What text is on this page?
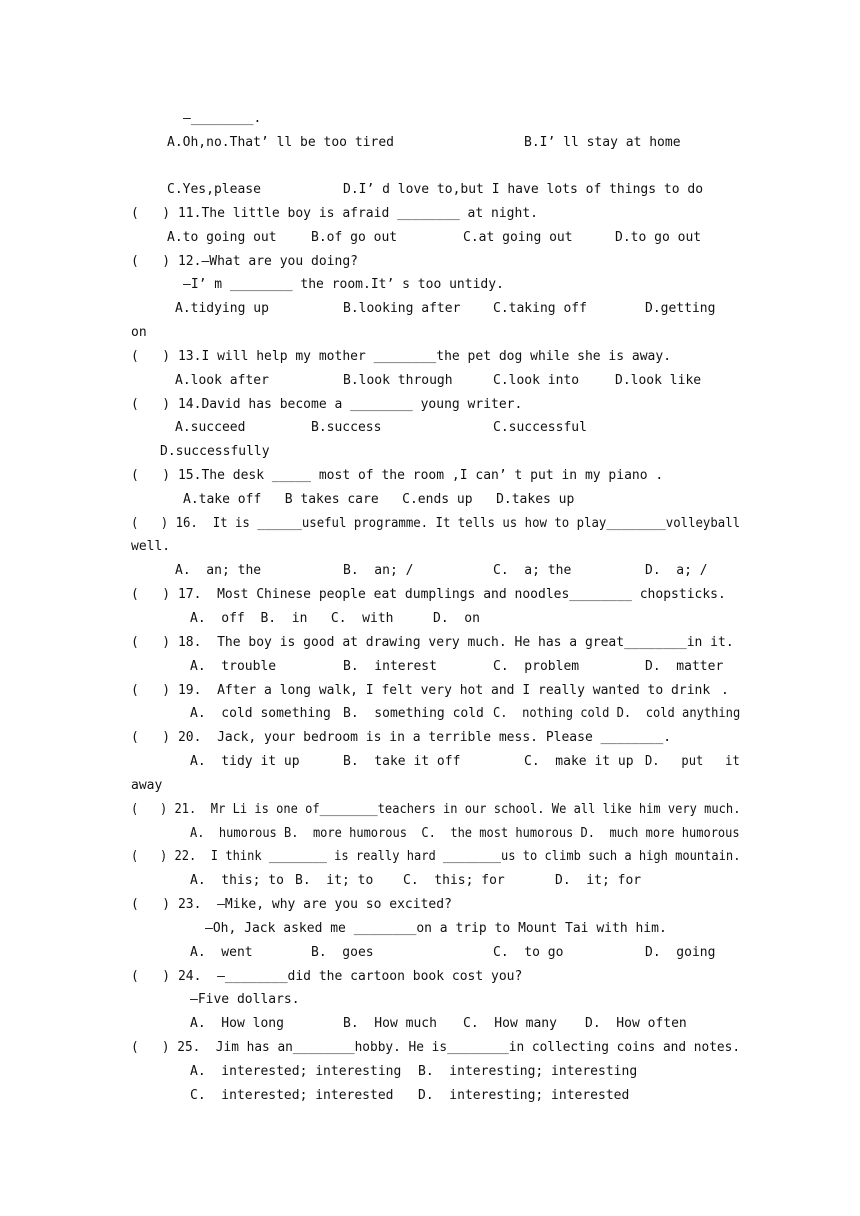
—________.
A.Oh,no.That’ ll be too tired	B.I’ ll stay at home
C.Yes,please	D.I’ d love to,but I have lots of things to do
(   ) 11.The little boy is afraid ________ at night.
A.to going out	B.of go out	C.at going out	D.to go out
(   ) 12.—What are you doing?
—I’ m ________ the room.It’ s too untidy.
A.tidying up	B.looking after	C.taking off	D.getting
on
(   ) 13.I will help my mother ________the pet dog while she is away.
A.look after	B.look through	C.look into	D.look like
(   ) 14.David has become a ________ young writer.
A.succeed	B.success	C.successful
D.successfully
(   ) 15.The desk _____ most of the room ,I can’ t put in my piano .
A.take off   B takes care   C.ends up   D.takes up
(   ) 16.  It is ______useful programme. It tells us how to play________volleyball
well.
A.  an; the	B.  an; /	C.  a; the	D.  a; /
(   ) 17.  Most Chinese people eat dumplings and noodles________ chopsticks.
A.  off  B.  in   C.  with	D.  on
(   ) 18.  The boy is good at drawing very much. He has a great________in it.
A.  trouble	B.  interest	C.  problem	D.  matter
(   ) 19.  After a long walk, I felt very hot and I really wanted to drink .
A.  cold something B.  something cold C.  nothing cold D.  cold anything
(   ) 20.  Jack, your bedroom is in a terrible mess. Please ________.
A.  tidy it up	B.  take it off	C.  make it up D.   put   it
away
(   ) 21.  Mr Li is one of________teachers in our school. We all like him very much.
A.  humorous B.  more humorous  C.  the most humorous D.  much more humorous
(   ) 22.  I think ________ is really hard ________us to climb such a high mountain.
A.  this; to B.  it; to C.  this; for	D.  it; for
(   ) 23.  —Mike, why are you so excited?
—Oh, Jack asked me ________on a trip to Mount Tai with him.
A.  went	B.  goes	C.  to go	D.  going
(   ) 24.  —________did the cartoon book cost you?
—Five dollars.
A.  How long	B.  How much C.  How many D.  How often
(   ) 25.  Jim has an________hobby. He is________in collecting coins and notes.
A.  interested; interesting B.  interesting; interesting
C.  interested; interested D.  interesting; interested
